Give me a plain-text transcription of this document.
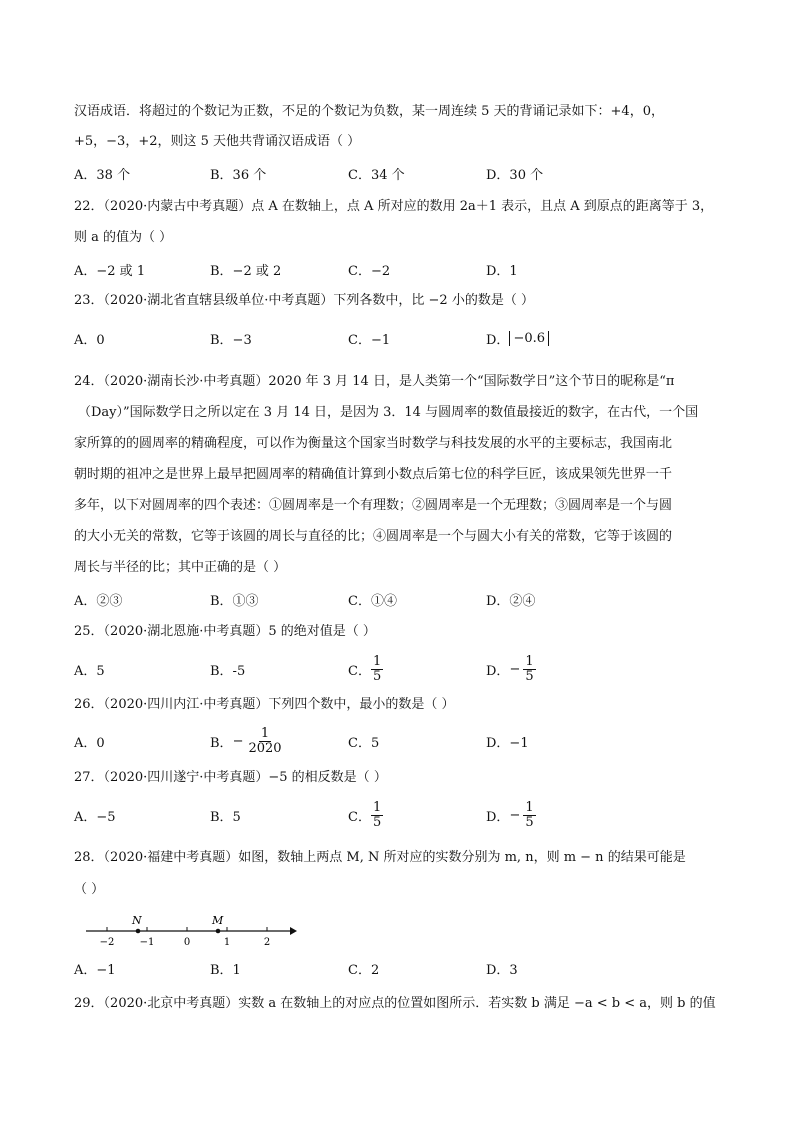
汉语成语．将超过的个数记为正数，不足的个数记为负数，某一周连续 5 天的背诵记录如下：+4，0，
+5，−3，+2，则这 5 天他共背诵汉语成语（ ）
A．38 个	B．36 个	C．34 个	D．30 个
22．（2020·内蒙古中考真题）点 A 在数轴上，点 A 所对应的数用 2a＋1 表示，且点 A 到原点的距离等于 3，
则 a 的值为（ ）
A．−2 或 1	B．−2 或 2	C．−2	D．1
23．（2020·湖北省直辖县级单位·中考真题）下列各数中，比 −2 小的数是（ ）
A．0	B．−3	C．−1	D． −0.6
24．（2020·湖南长沙·中考真题）2020 年 3 月 14 日，是人类第一个“国际数学日”这个节日的昵称是“π
（Day）”国际数学日之所以定在 3 月 14 日，是因为 3．14 与圆周率的数值最接近的数字，在古代，一个国
家所算的的圆周率的精确程度，可以作为衡量这个国家当时数学与科技发展的水平的主要标志，我国南北
朝时期的祖冲之是世界上最早把圆周率的精确值计算到小数点后第七位的科学巨匠，该成果领先世界一千
多年，以下对圆周率的四个表述：①圆周率是一个有理数；②圆周率是一个无理数；③圆周率是一个与圆
的大小无关的常数，它等于该圆的周长与直径的比；④圆周率是一个与圆大小有关的常数，它等于该圆的
周长与半径的比；其中正确的是（ ）
A．②③	B．①③	C．①④	D．②④
25．（2020·湖北恩施·中考真题）5 的绝对值是（ ）
A．5	B．-5	C． $\frac{1}{5}$	D． − $\frac{1}{5}$
26．（2020·四川内江·中考真题）下列四个数中，最小的数是（ ）
A．0	B． − $\frac{1}{2020}$	C．5	D．−1
27．（2020·四川遂宁·中考真题）−5 的相反数是（ ）
A．−5	B．5	C． $\frac{1}{5}$	D． − $\frac{1}{5}$
28．（2020·福建中考真题）如图，数轴上两点 M, N 所对应的实数分别为 m, n，则 m − n 的结果可能是
（ ）
N	M
−2	−1	0	1	2
A．−1	B．1	C．2	D．3
29．（2020·北京中考真题）实数 a 在数轴上的对应点的位置如图所示．若实数 b 满足 −a < b < a，则 b 的值
